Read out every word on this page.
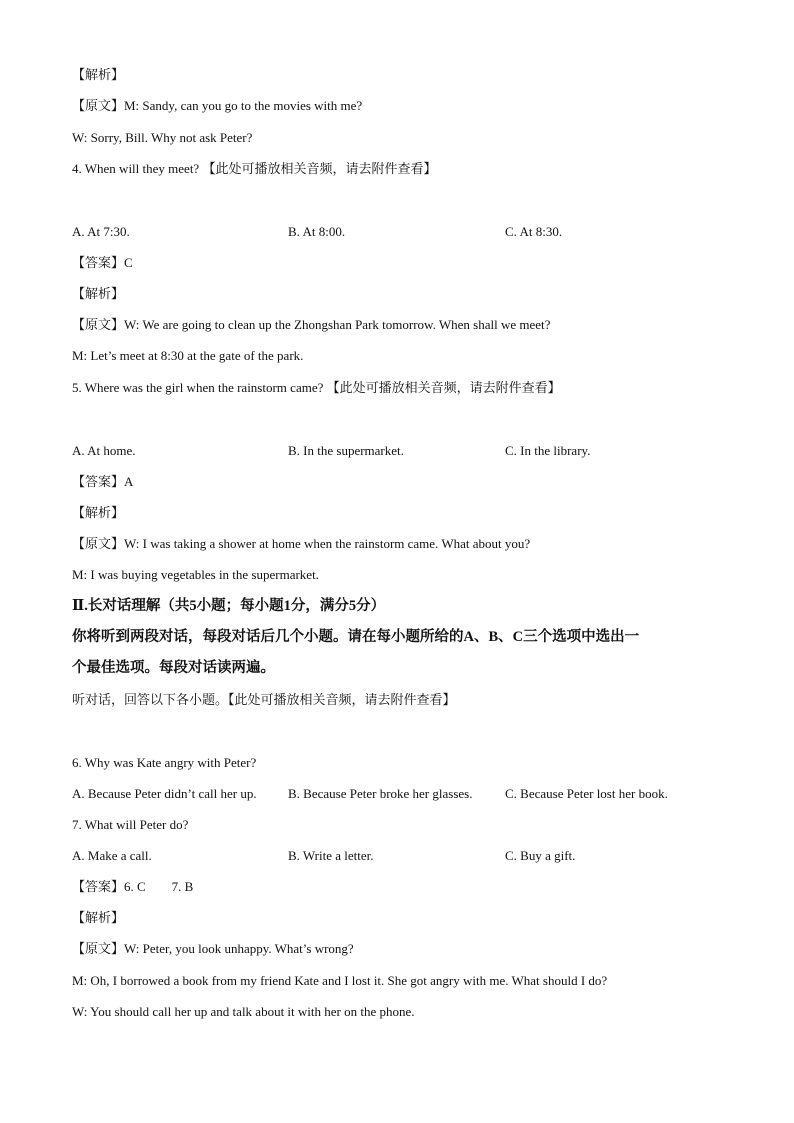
【解析】
【原文】M: Sandy, can you go to the movies with me?
W: Sorry, Bill. Why not ask Peter?
4. When will they meet? 【此处可播放相关音频，请去附件查看】
A. At 7:30.	B. At 8:00.	C. At 8:30.
【答案】C
【解析】
【原文】W: We are going to clean up the Zhongshan Park tomorrow. When shall we meet?
M: Let’s meet at 8:30 at the gate of the park.
5. Where was the girl when the rainstorm came? 【此处可播放相关音频，请去附件查看】
A. At home.	B. In the supermarket.	C. In the library.
【答案】A
【解析】
【原文】W: I was taking a shower at home when the rainstorm came. What about you?
M: I was buying vegetables in the supermarket.
Ⅱ.长对话理解（共5小题；每小题1分，满分5分）
你将听到两段对话，每段对话后几个小题。请在每小题所给的A、B、C三个选项中选出一
个最佳选项。每段对话读两遍。
听对话，回答以下各小题。【此处可播放相关音频，请去附件查看】
6. Why was Kate angry with Peter?
A. Because Peter didn’t call her up. B. Because Peter broke her glasses.	C. Because Peter lost her book.
7. What will Peter do?
A. Make a call.	B. Write a letter.	C. Buy a gift.
【答案】6. C        7. B
【解析】
【原文】W: Peter, you look unhappy. What’s wrong?
M: Oh, I borrowed a book from my friend Kate and I lost it. She got angry with me. What should I do?
W: You should call her up and talk about it with her on the phone.
